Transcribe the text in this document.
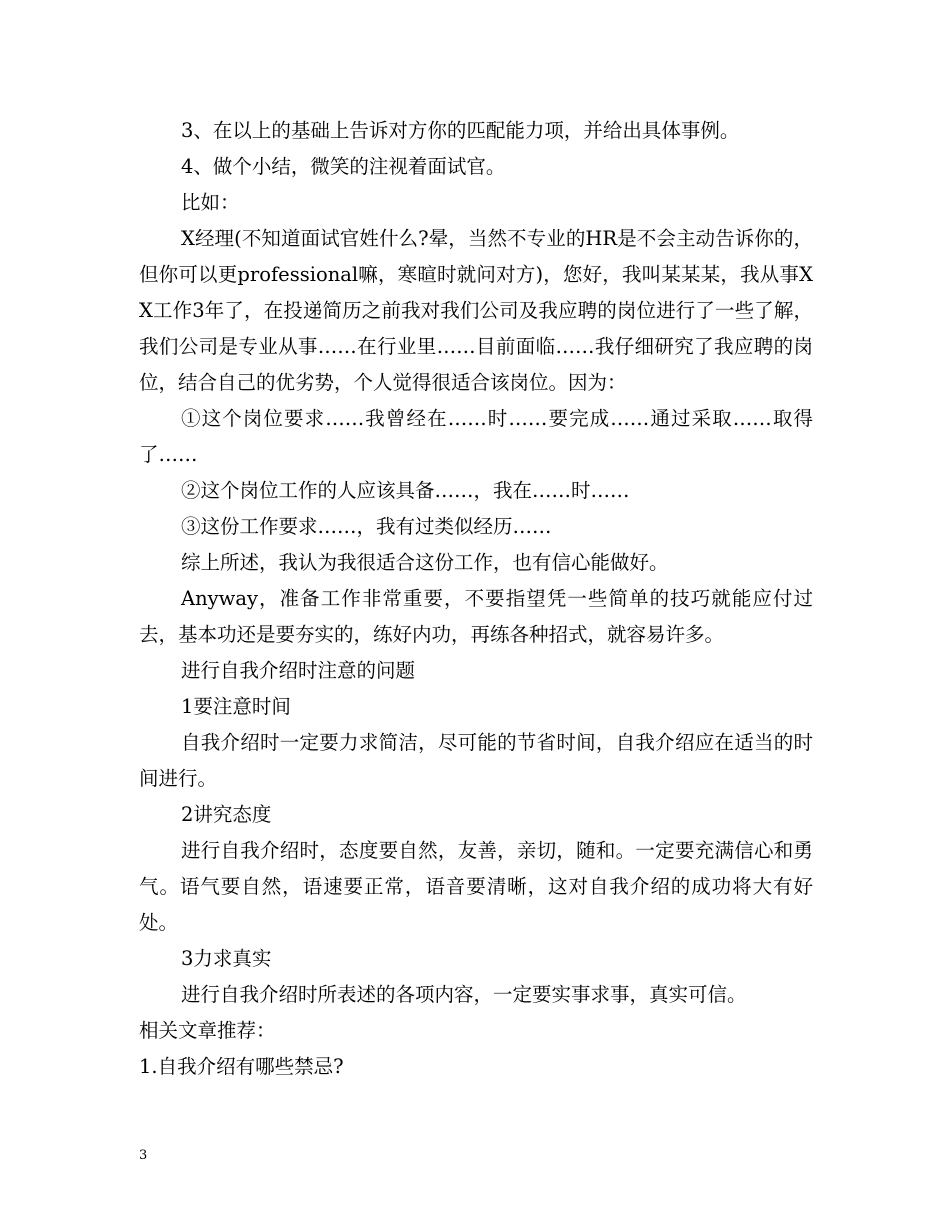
3、在以上的基础上告诉对方你的匹配能力项，并给出具体事例。

4、做个小结，微笑的注视着面试官。

比如：

X经理(不知道面试官姓什么?晕，当然不专业的HR是不会主动告诉你的，但你可以更professional嘛，寒暄时就问对方)，您好，我叫某某某，我从事XX工作3年了，在投递简历之前我对我们公司及我应聘的岗位进行了一些了解，我们公司是专业从事……在行业里……目前面临……我仔细研究了我应聘的岗位，结合自己的优劣势，个人觉得很适合该岗位。因为：

①这个岗位要求……我曾经在……时……要完成……通过采取……取得了……

②这个岗位工作的人应该具备……，我在……时……

③这份工作要求……，我有过类似经历……

综上所述，我认为我很适合这份工作，也有信心能做好。

Anyway，准备工作非常重要，不要指望凭一些简单的技巧就能应付过去，基本功还是要夯实的，练好内功，再练各种招式，就容易许多。

进行自我介绍时注意的问题

1要注意时间

自我介绍时一定要力求简洁，尽可能的节省时间，自我介绍应在适当的时间进行。

2讲究态度

进行自我介绍时，态度要自然，友善，亲切，随和。一定要充满信心和勇气。语气要自然，语速要正常，语音要清晰，这对自我介绍的成功将大有好处。

3力求真实

进行自我介绍时所表述的各项内容，一定要实事求事，真实可信。

相关文章推荐：

1.自我介绍有哪些禁忌?

3
